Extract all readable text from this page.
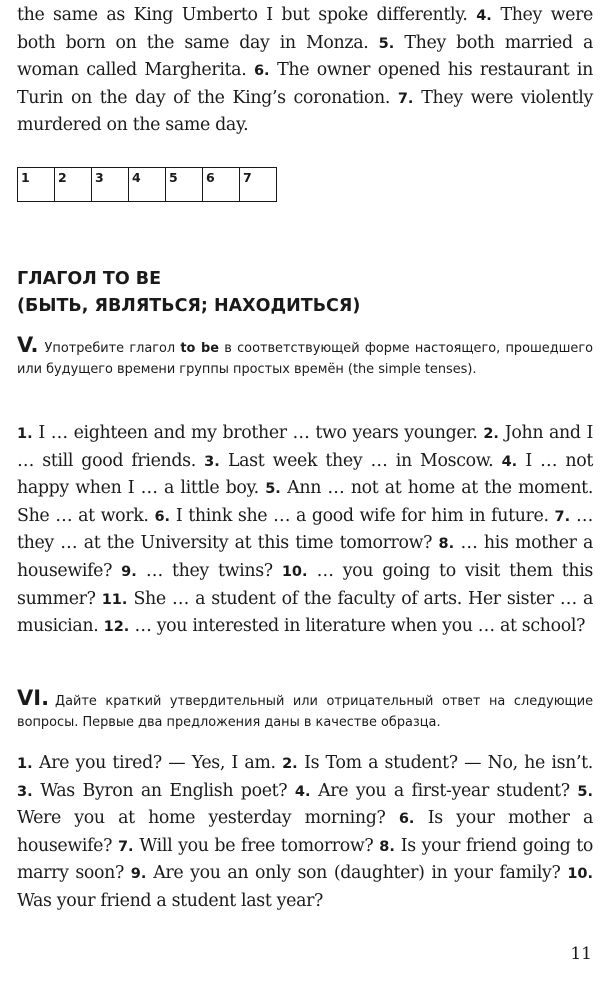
the same as King Umberto I but spoke differently. 4. They were both born on the same day in Monza. 5. They both married a woman called Margherita. 6. The owner opened his restaurant in Turin on the day of the King’s coronation. 7. They were violently murdered on the same day.

1	2	3	4	5	6	7
ГЛАГОЛ TO BE
(БЫТЬ, ЯВЛЯТЬСЯ; НАХОДИТЬСЯ)

V. Употребите глагол to be в соответствующей форме настоящего, прошедшего или будущего времени группы простых времён (the simple tenses).

1. I … eighteen and my brother … two years younger. 2. John and I … still good friends. 3. Last week they … in Moscow. 4. I … not happy when I … a little boy. 5. Ann … not at home at the moment. She … at work. 6. I think she … a good wife for him in future. 7. … they … at the University at this time tomorrow? 8. … his mother a housewife? 9. … they twins? 10. … you going to visit them this summer? 11. She … a student of the faculty of arts. Her sister … a musician. 12. … you interested in literature when you … at school?

VI. Дайте краткий утвердительный или отрицательный ответ на следующие вопросы. Первые два предложения даны в качестве образца.

1. Are you tired? — Yes, I am. 2. Is Tom a student? — No, he isn’t. 3. Was Byron an English poet? 4. Are you a first-year student? 5. Were you at home yesterday morning? 6. Is your mother a housewife? 7. Will you be free tomorrow? 8. Is your friend going to marry soon? 9. Are you an only son (daughter) in your family? 10. Was your friend a student last year?

11
